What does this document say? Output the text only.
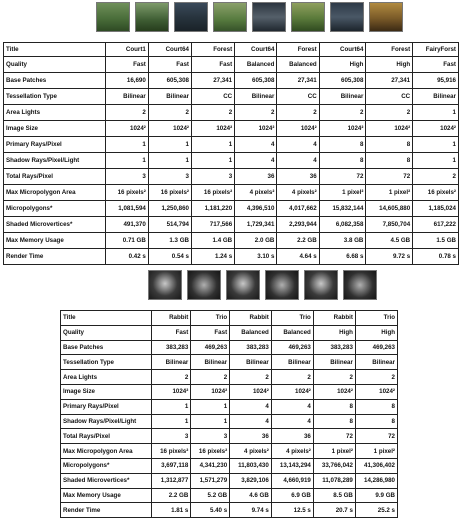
Title	Court1	Court64	Forest	Court64	Forest	Court64	Forest	FairyForst
Quality	Fast	Fast	Fast	Balanced	Balanced	High	High	Fast
Base Patches	16,690	605,308	27,341	605,308	27,341	605,308	27,341	95,916
Tessellation Type	Bilinear	Bilinear	CC	Bilinear	CC	Bilinear	CC	Bilinear
Area Lights	2	2	2	2	2	2	2	1
Image Size	1024²	1024²	1024²	1024²	1024²	1024²	1024²	1024²
Primary Rays/Pixel	1	1	1	4	4	8	8	1
Shadow Rays/Pixel/Light	1	1	1	4	4	8	8	1
Total Rays/Pixel	3	3	3	36	36	72	72	2
Max Micropolygon Area	16 pixels²	16 pixels²	16 pixels²	4 pixels²	4 pixels²	1 pixel²	1 pixel²	16 pixels²
Micropolygons*	1,081,594	1,250,860	1,181,220	4,396,510	4,017,662	15,832,144	14,605,880	1,185,024
Shaded Microvertices*	491,370	514,794	717,566	1,729,341	2,293,944	6,082,358	7,850,704	617,222
Max Memory Usage	0.71 GB	1.3 GB	1.4 GB	2.0 GB	2.2 GB	3.8 GB	4.5 GB	1.5 GB
Render Time	0.42 s	0.54 s	1.24 s	3.10 s	4.64 s	6.68 s	9.72 s	0.78 s
Title	Rabbit	Trio	Rabbit	Trio	Rabbit	Trio
Quality	Fast	Fast	Balanced	Balanced	High	High
Base Patches	383,283	469,263	383,283	469,263	383,283	469,263
Tessellation Type	Bilinear	Bilinear	Bilinear	Bilinear	Bilinear	Bilinear
Area Lights	2	2	2	2	2	2
Image Size	1024²	1024²	1024²	1024²	1024²	1024²
Primary Rays/Pixel	1	1	4	4	8	8
Shadow Rays/Pixel/Light	1	1	4	4	8	8
Total Rays/Pixel	3	3	36	36	72	72
Max Micropolygon Area	16 pixels²	16 pixels²	4 pixels²	4 pixels²	1 pixel²	1 pixel²
Micropolygons*	3,697,118	4,341,230	11,803,430	13,143,294	33,766,042	41,306,402
Shaded Microvertices*	1,312,877	1,571,279	3,829,106	4,660,919	11,078,289	14,286,980
Max Memory Usage	2.2 GB	5.2 GB	4.6 GB	6.9 GB	8.5 GB	9.9 GB
Render Time	1.81 s	5.40 s	9.74 s	12.5 s	20.7 s	25.2 s
